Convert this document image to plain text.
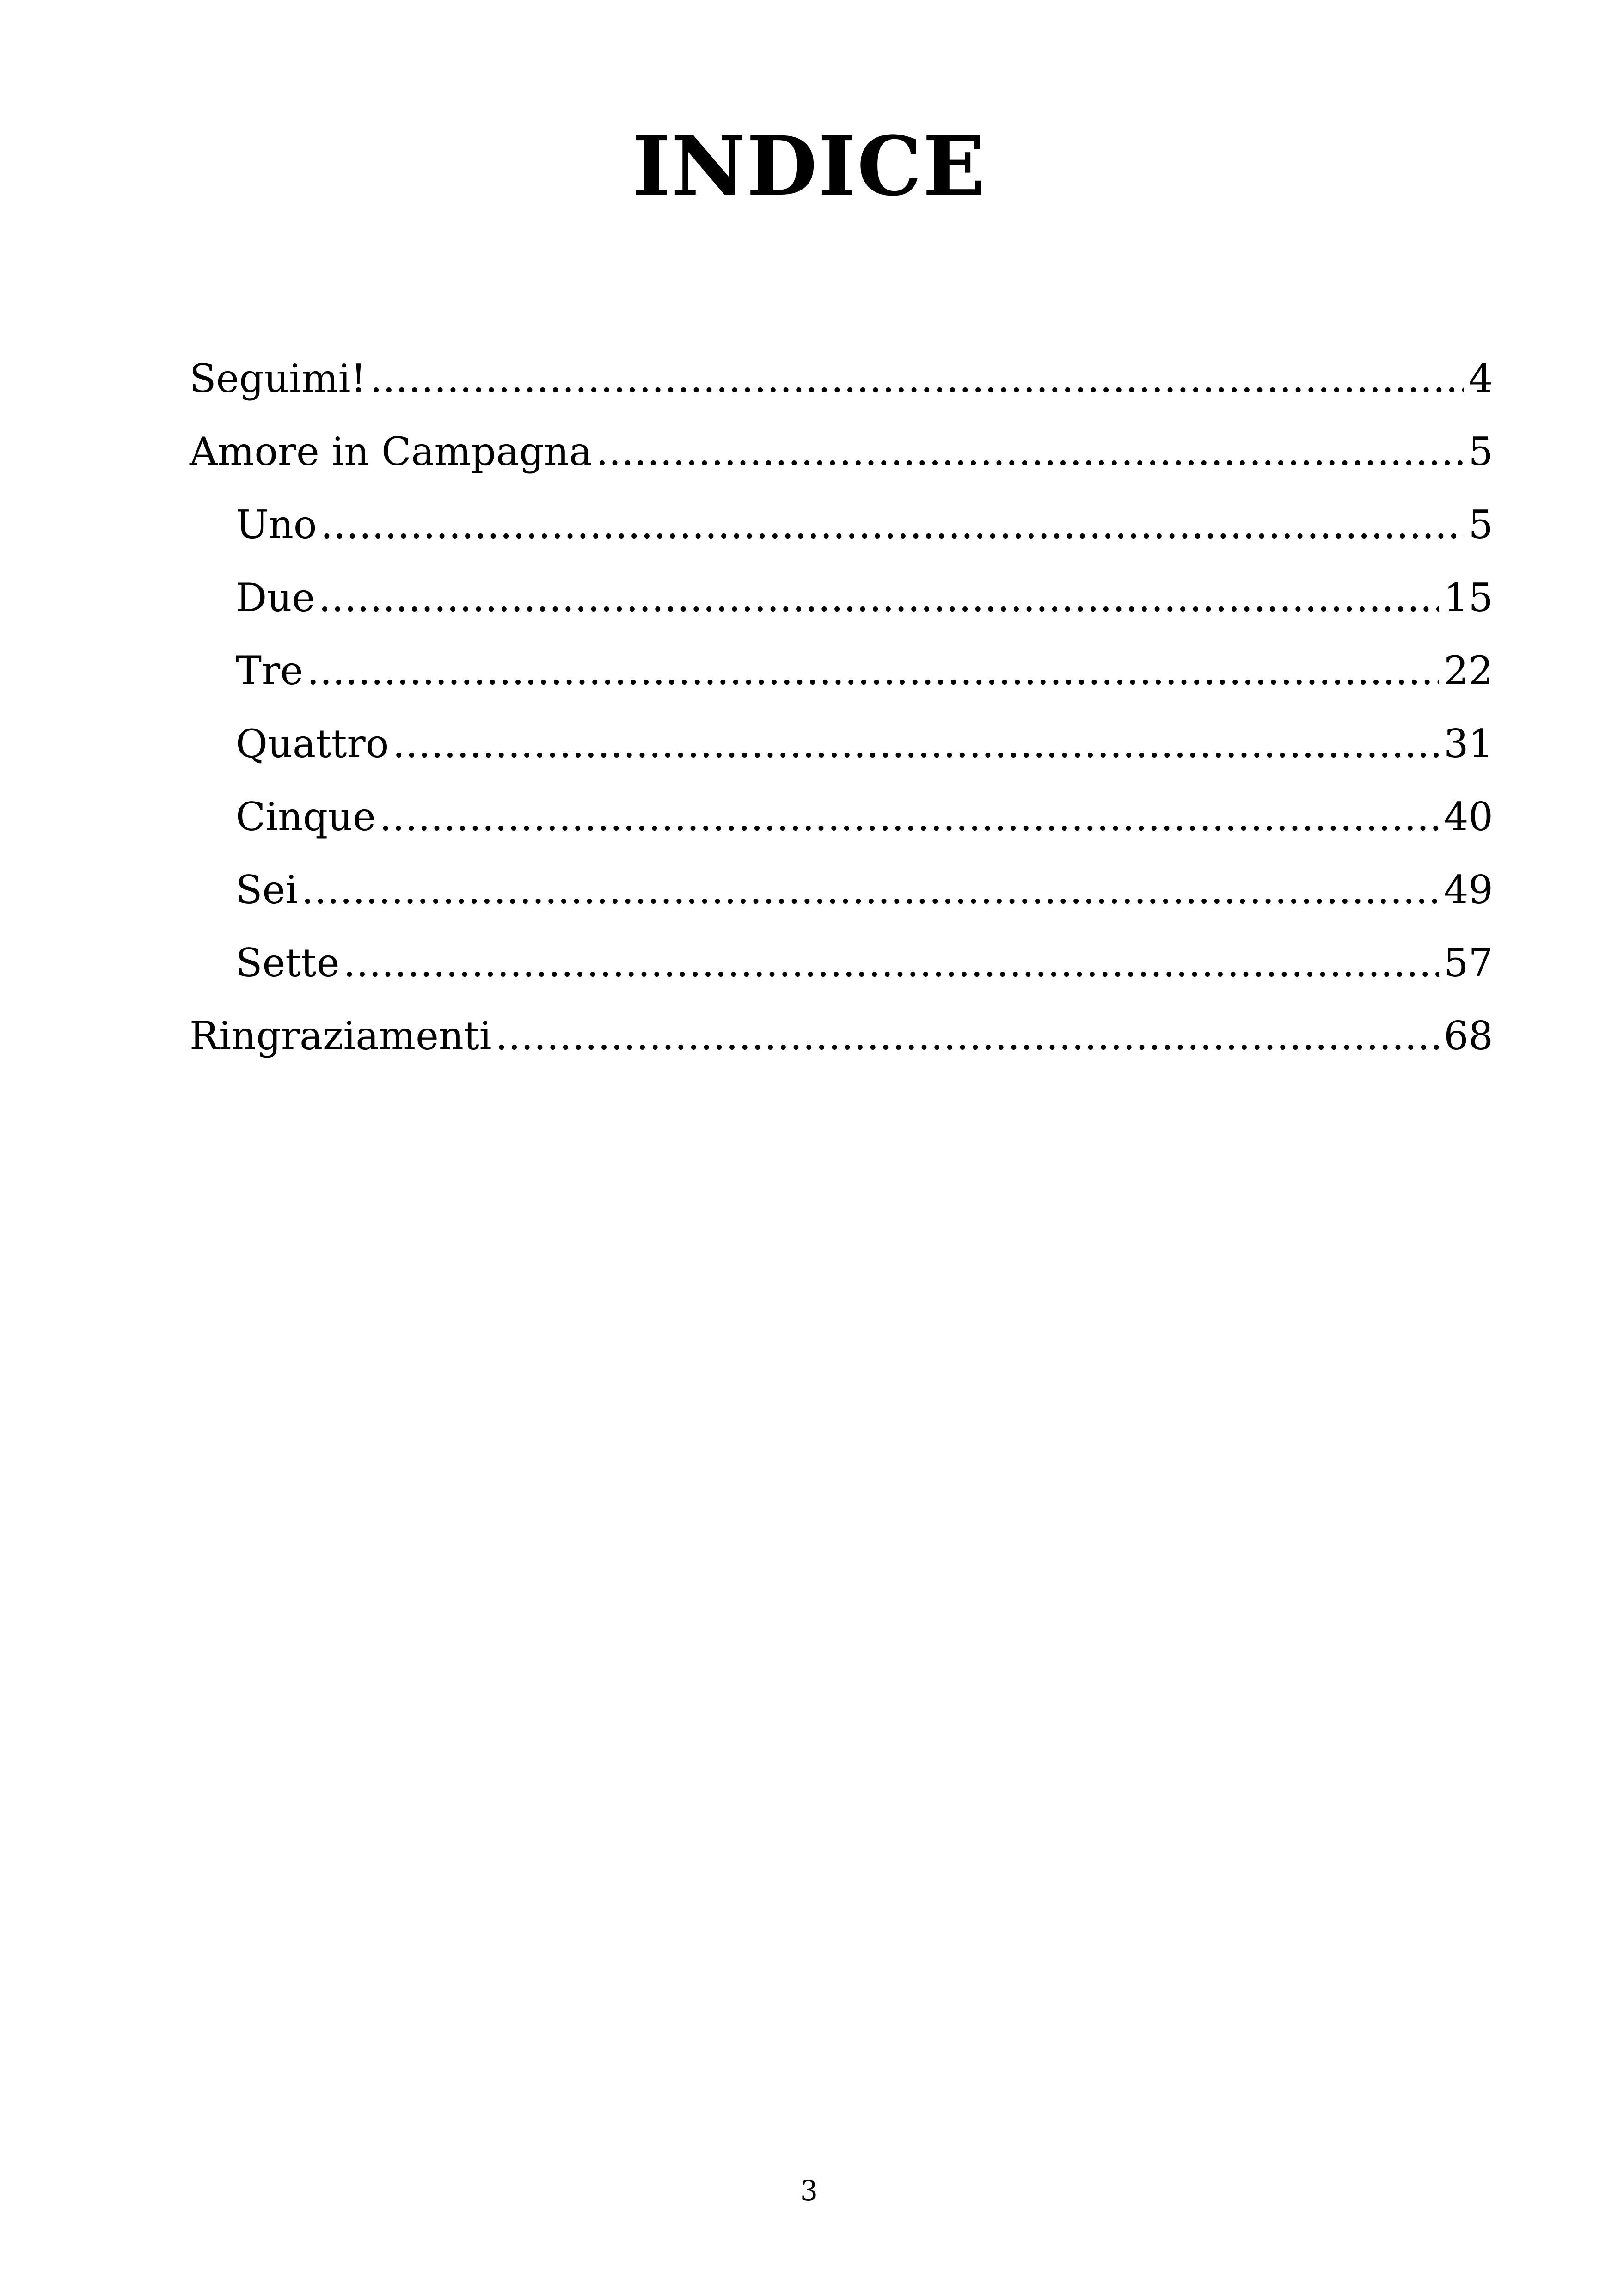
INDICE
Seguimi! .....	4
Amore in Campagna .....	5
Uno .....	5
Due .....	15
Tre .....	22
Quattro .....	31
Cinque .....	40
Sei .....	49
Sette .....	57
Ringraziamenti .....	68
3
